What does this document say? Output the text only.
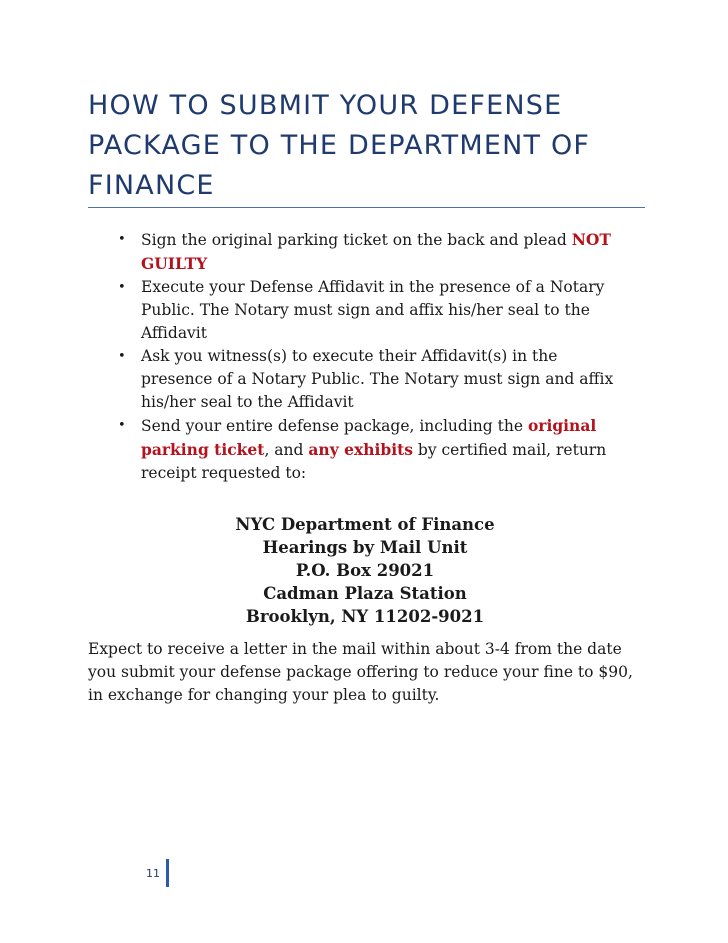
HOW TO SUBMIT YOUR DEFENSE PACKAGE TO THE DEPARTMENT OF FINANCE
• Sign the original parking ticket on the back and plead NOT GUILTY
• Execute your Defense Affidavit in the presence of a Notary Public. The Notary must sign and affix his/her seal to the Affidavit
• Ask you witness(s) to execute their Affidavit(s) in the presence of a Notary Public. The Notary must sign and affix his/her seal to the Affidavit
• Send your entire defense package, including the original parking ticket, and any exhibits by certified mail, return receipt requested to:
NYC Department of Finance
Hearings by Mail Unit
P.O. Box 29021
Cadman Plaza Station
Brooklyn, NY 11202-9021

Expect to receive a letter in the mail within about 3-4 from the date you submit your defense package offering to reduce your fine to $90, in exchange for changing your plea to guilty.

11
